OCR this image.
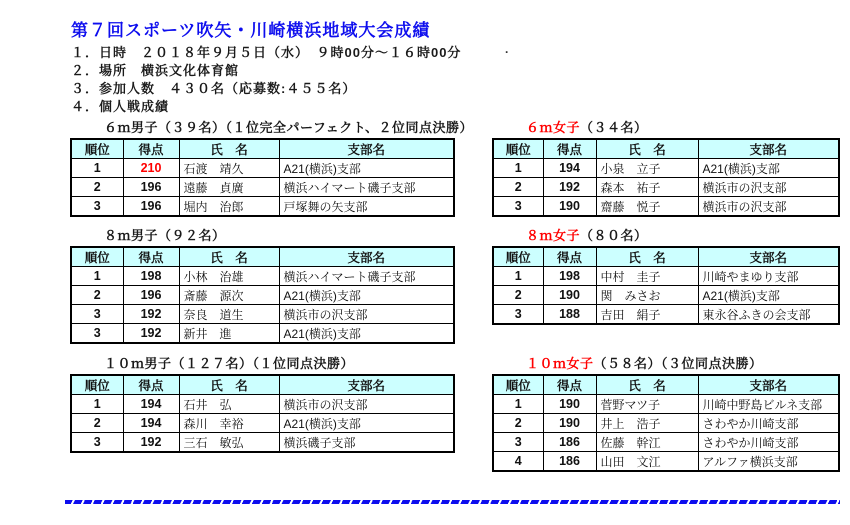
第７回スポーツ吹矢・川崎横浜地域大会成績
１．日時　２０１８年９月５日（水）　９時00分～１６時00分
２．場所　横浜文化体育館
３．参加人数　４３０名（応募数:４５５名）
４．個人戦成績
.
６ｍ男子（３９名）（１位完全パーフェクト、２位同点決勝）
順位	得点	氏　名	支部名
1	210	石渡　靖久	A21(横浜)支部
2	196	遠藤　貞廣	横浜ハイマート磯子支部
3	196	堀内　治郎	戸塚舞の矢支部
６ｍ女子（３４名）
順位	得点	氏　名	支部名
1	194	小泉　立子	A21(横浜)支部
2	192	森本　祐子	横浜市の沢支部
3	190	齋藤　悦子	横浜市の沢支部
８ｍ男子（９２名）
順位	得点	氏　名	支部名
1	198	小林　治雄	横浜ハイマート磯子支部
2	196	斎藤　源次	A21(横浜)支部
3	192	奈良　道生	横浜市の沢支部
3	192	新井　進	A21(横浜)支部
８ｍ女子（８０名）
順位	得点	氏　名	支部名
1	198	中村　圭子	川崎やまゆり支部
2	190	関　みさお	A21(横浜)支部
3	188	吉田　絹子	東永谷ふきの会支部
１０ｍ男子（１２７名）（１位同点決勝）
順位	得点	氏　名	支部名
1	194	石井　弘	横浜市の沢支部
2	194	森川　幸裕	A21(横浜)支部
3	192	三石　敏弘	横浜磯子支部
１０ｍ女子（５８名）（３位同点決勝）
順位	得点	氏　名	支部名
1	190	菅野マツ子	川崎中野島ビルネ支部
2	190	井上　浩子	さわやか川崎支部
3	186	佐藤　幹江	さわやか川崎支部
4	186	山田　文江	アルファ横浜支部
